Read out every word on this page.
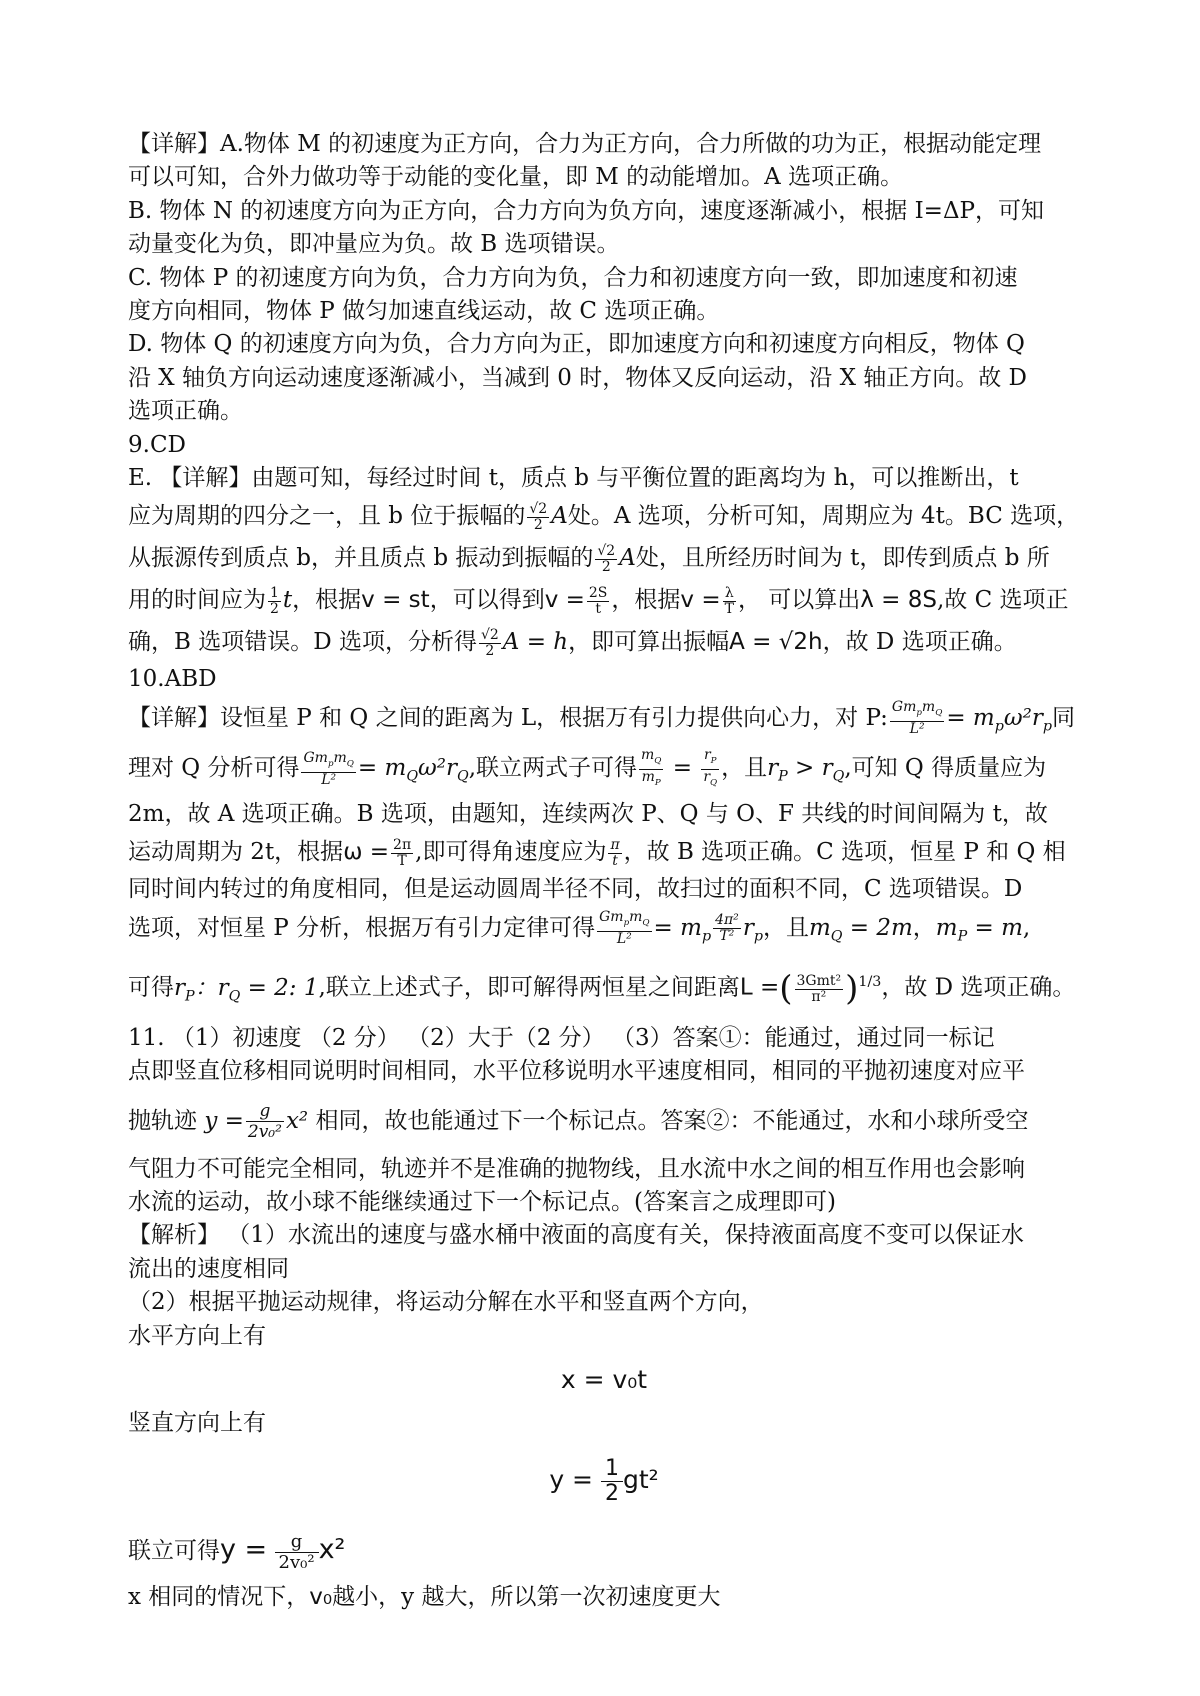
【详解】A.物体 M 的初速度为正方向，合力为正方向，合力所做的功为正，根据动能定理
可以可知，合外力做功等于动能的变化量，即 M 的动能增加。A 选项正确。
B. 物体 N 的初速度方向为正方向，合力方向为负方向，速度逐渐减小，根据 I=ΔP，可知
动量变化为负，即冲量应为负。故 B 选项错误。
C. 物体 P 的初速度方向为负，合力方向为负，合力和初速度方向一致，即加速度和初速
度方向相同，物体 P 做匀加速直线运动，故 C 选项正确。
D. 物体 Q 的初速度方向为负，合力方向为正，即加速度方向和初速度方向相反，物体 Q
沿 X 轴负方向运动速度逐渐减小，当减到 0 时，物体又反向运动，沿 X 轴正方向。故 D
选项正确。
9.CD
E. 【详解】由题可知，每经过时间 t，质点 b 与平衡位置的距离均为 h，可以推断出，t
应为周期的四分之一，且 b 位于振幅的 $\frac{√2}{2}$ A处。A 选项，分析可知，周期应为 4t。BC 选项，
从振源传到质点 b，并且质点 b 振动到振幅的 $\frac{√2}{2}$ A处，且所经历时间为 t，即传到质点 b 所
用的时间应为 $\frac{1}{2}$ t，根据v = st，可以得到$v = \frac{2S}{t}$ ，根据$v = \frac{\lambda}{T}$ ， 可以算出λ = 8S,故 C 选项正
确，B 选项错误。D 选项，分析得 $\frac{√2}{2}$ A = h，即可算出振幅A = √2h，故 D 选项正确。
10.ABD
【详解】设恒星 P 和 Q 之间的距离为 L，根据万有引力提供向心力，对 P: $\frac{Gm_pm_Q}{\text{L²}} = m_p\omega^2r_p$同
理对 Q 分析可得 $\frac{Gm_pm_Q}{\text{L²}} = m_Q\omega^2r_Q$,联立两式子可得 $\frac{m_Q}{m_P} = \frac{r_P}{r_Q}$ ，且$r_P > r_Q$,可知 Q 得质量应为
2m，故 A 选项正确。B 选项，由题知，连续两次 P、Q 与 O、F 共线的时间间隔为 t，故
运动周期为 2t，根据$\omega = \frac{2\pi}{T}$ ,即可得角速度应为 $\frac{\pi}{t}$ ，故 B 选项正确。C 选项，恒星 P 和 Q 相
同时间内转过的角度相同，但是运动圆周半径不同，故扫过的面积不同，C 选项错误。D
选项，对恒星 P 分析，根据万有引力定律可得 $\frac{Gm_pm_Q}{\text{L²}} = m_p \frac{\text{4π²}}{\text{T²}} r_p$，且$m_Q = 2m$，$m_P = m$,
可得$r_P$：$r_Q = 2$: 1,联立上述式子，即可解得两恒星之间距离L =( $\frac{\text{3Gmt²}}{\text{π²}} )^{1/3}$，故 D 选项正确。
11. （1）初速度 （2 分） （2）大于（2 分） （3）答案①：能通过，通过同一标记
点即竖直位移相同说明时间相同，水平位移说明水平速度相同，相同的平抛初速度对应平
抛轨迹 $y = \frac{g}{\text{2v₀²}} x^2$ 相同，故也能通过下一个标记点。答案②：不能通过，水和小球所受空
气阻力不可能完全相同，轨迹并不是准确的抛物线，且水流中水之间的相互作用也会影响
水流的运动，故小球不能继续通过下一个标记点。(答案言之成理即可)
【解析】 （1）水流出的速度与盛水桶中液面的高度有关，保持液面高度不变可以保证水
流出的速度相同
（2）根据平抛运动规律，将运动分解在水平和竖直两个方向，
水平方向上有
x = v₀t
竖直方向上有
$y = \frac{1}{2} gt^2$
联立可得$y = \frac{g}{\text{2v₀²}} x^2$
x 相同的情况下，v₀越小，y 越大，所以第一次初速度更大
